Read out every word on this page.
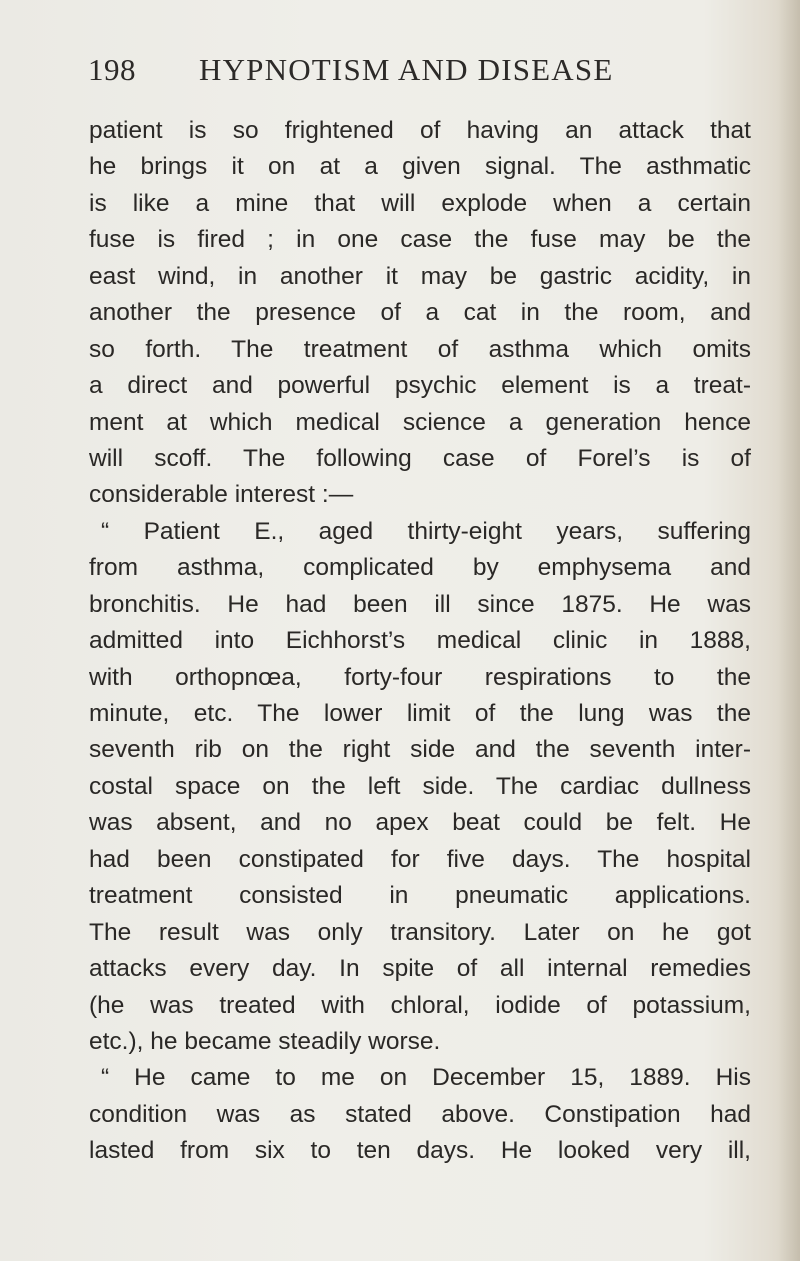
198 HYPNOTISM AND DISEASE
patient is so frightened of having an attack that
he brings it on at a given signal. The asthmatic
is like a mine that will explode when a certain
fuse is fired ; in one case the fuse may be the
east wind, in another it may be gastric acidity, in
another the presence of a cat in the room, and
so forth. The treatment of asthma which omits
a direct and powerful psychic element is a treat-
ment at which medical science a generation hence
will scoff. The following case of Forel’s is of
considerable interest :—
“ Patient E., aged thirty-eight years, suffering
from asthma, complicated by emphysema and
bronchitis. He had been ill since 1875. He was
admitted into Eichhorst’s medical clinic in 1888,
with orthopnœa, forty-four respirations to the
minute, etc. The lower limit of the lung was the
seventh rib on the right side and the seventh inter-
costal space on the left side. The cardiac dullness
was absent, and no apex beat could be felt. He
had been constipated for five days. The hospital
treatment consisted in pneumatic applications.
The result was only transitory. Later on he got
attacks every day. In spite of all internal remedies
(he was treated with chloral, iodide of potassium,
etc.), he became steadily worse.
“ He came to me on December 15, 1889. His
condition was as stated above. Constipation had
lasted from six to ten days. He looked very ill,
